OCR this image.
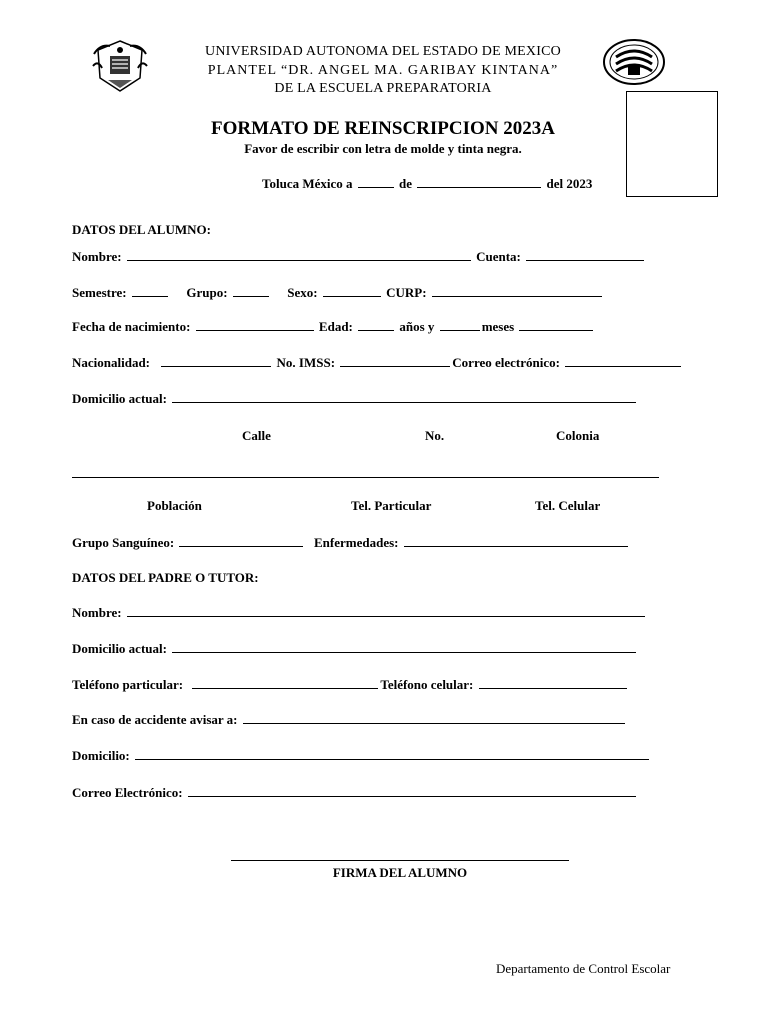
UNIVERSIDAD AUTONOMA DEL ESTADO DE MEXICO
PLANTEL “DR. ANGEL MA. GARIBAY KINTANA”
DE LA ESCUELA PREPARATORIA
FORMATO DE REINSCRIPCION 2023A
Favor de escribir con letra de molde y tinta negra.
Toluca México a	de	del 2023
DATOS DEL ALUMNO:
Nombre:	Cuenta:
Semestre:	Grupo:	Sexo:	CURP:
Fecha de nacimiento:	Edad:	años y	meses
Nacionalidad:	No. IMSS:	Correo electrónico:
Domicilio actual:
Calle	No.	Colonia
Población	Tel. Particular	Tel. Celular
Grupo Sanguíneo:	Enfermedades:
DATOS DEL PADRE O TUTOR:
Nombre:
Domicilio actual:
Teléfono particular:	Teléfono celular:
En caso de accidente avisar a:
Domicilio:
Correo Electrónico:
FIRMA DEL ALUMNO
Departamento de Control Escolar
